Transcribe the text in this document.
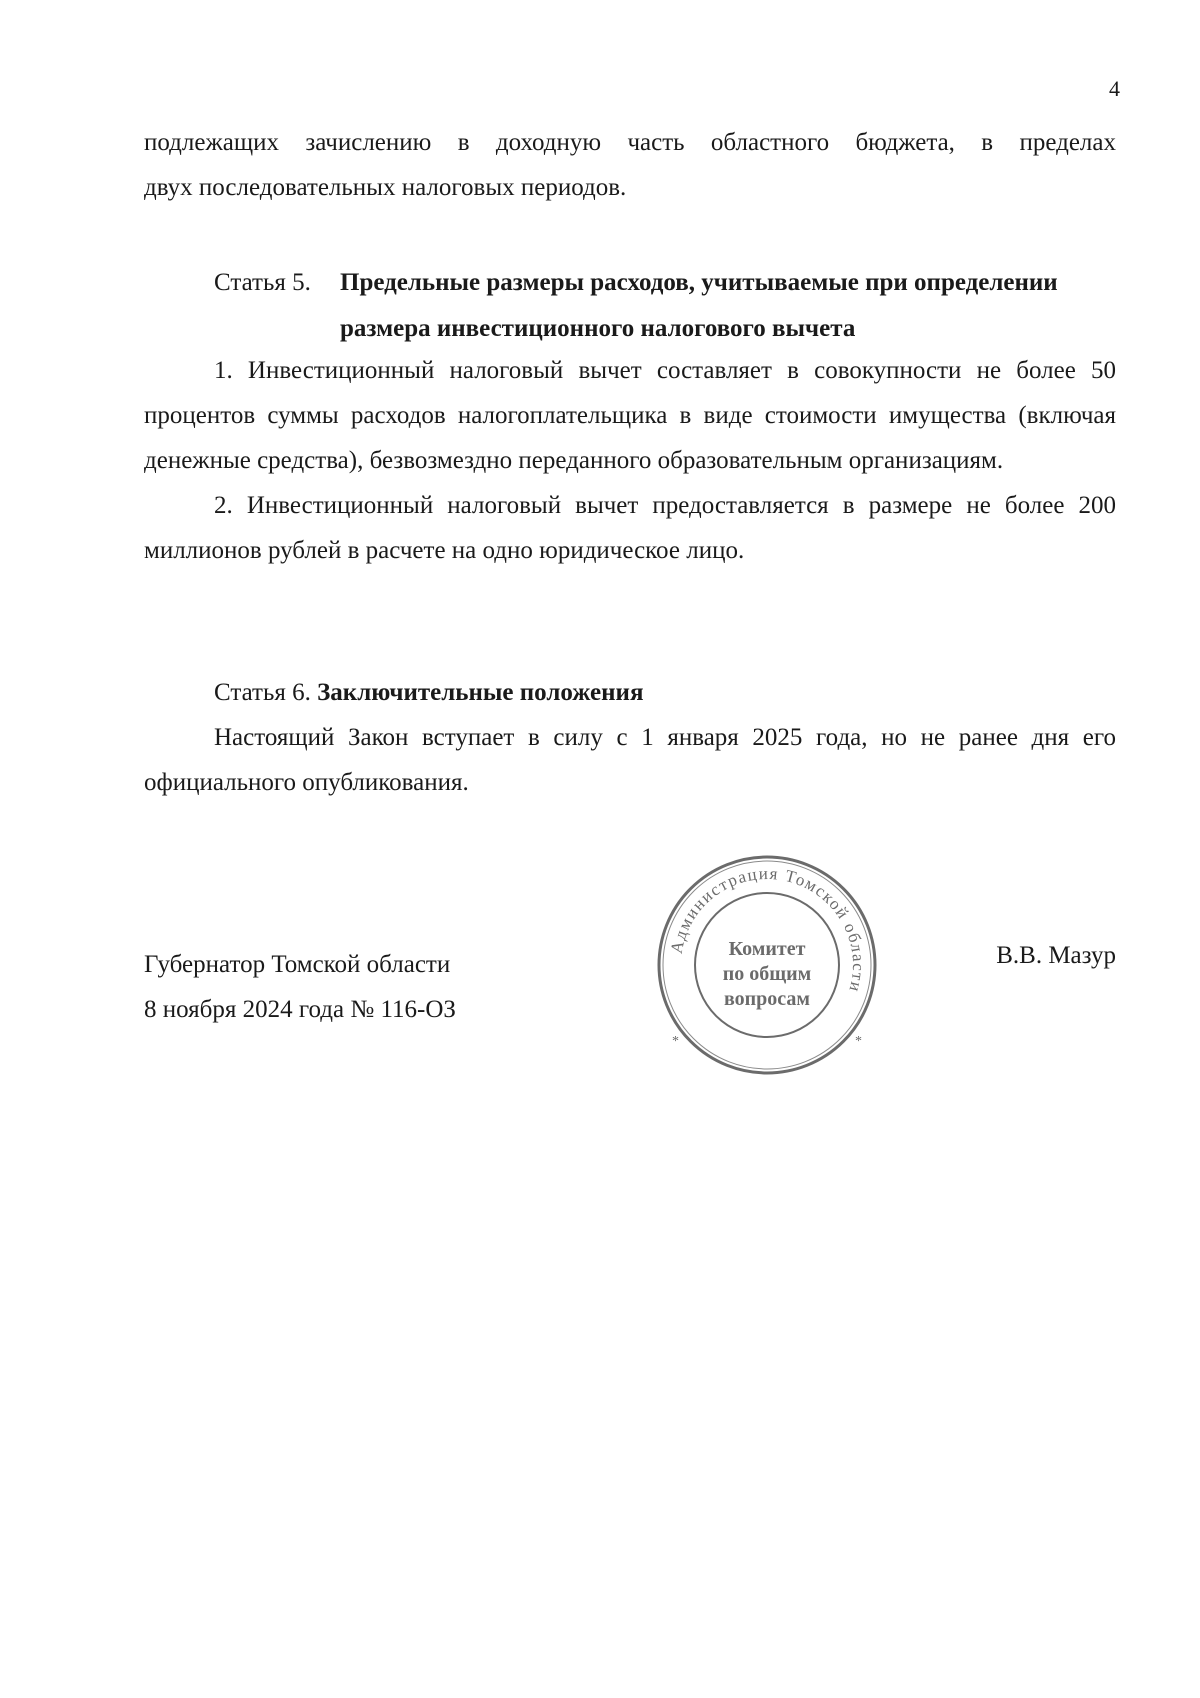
4

подлежащих зачислению в доходную часть областного бюджета, в пределах

двух последовательных налоговых периодов.

Статья 5. Предельные размеры расходов, учитываемые при определении
размера инвестиционного налогового вычета

1. Инвестиционный налоговый вычет составляет в совокупности не более 50 процентов суммы расходов налогоплательщика в виде стоимости имущества (включая денежные средства), безвозмездно переданного образовательным организациям.

2. Инвестиционный налоговый вычет предоставляется в размере не более 200 миллионов рублей в расчете на одно юридическое лицо.

Статья 6. Заключительные положения

Настоящий Закон вступает в силу с 1 января 2025 года, но не ранее дня его официального опубликования.

Губернатор Томской области
8 ноября 2024 года № 116-ОЗ
В.В. Мазур
Администрация Томской области
*	*
Комитет
по общим
вопросам
